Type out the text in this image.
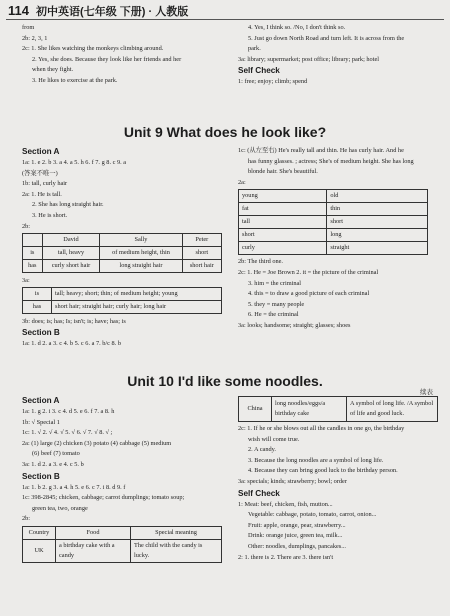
114 初中英语(七年级 下册) · 人教版
from
2b: 2, 3, 1
2c: 1. She likes watching the monkeys climbing around.
2. Yes, she does. Because they look like her friends and her
when they fight.
3. He likes to exercise at the park.
4. Yes, I think so. /No, I don't think so.
5. Just go down North Road and turn left. It is across from the
park.
3a: library; supermarket; post office; library; park; hotel
Self Check
1: free; enjoy; climb; spend
Unit 9 What does he look like?
Section A
1a: 1. e 2. b 3. a 4. a 5. h 6. f 7. g 8. c 9. a
(答案不唯一)
1b: tall, curly hair
2a: 1. He is tall.
2. She has long straight hair.
3. He is short.
2b:
	David	Sally	Peter
is	tall, heavy	of medium height, thin	short
has	curly short hair	long straight hair	short hair
3a:
is	tall; heavy; short; thin; of medium height; young
has	short hair; straight hair; curly hair; long hair
3b: does; is; has; Is; isn't; is; have; has; is
Section B
1a: 1. d 2. a 3. c 4. b 5. c 6. a 7. b/c 8. b
1c: (从左至右) He's really tall and thin. He has curly hair. And he
has funny glasses. ; actress; She's of medium height. She has long
blonde hair. She's beautiful.
2a:
young	old
fat	thin
tall	short
short	long
curly	straight
2b: The third one.
2c: 1. He = Joe Brown 2. it = the picture of the criminal
3. him = the criminal
4. this = to draw a good picture of each criminal
5. they = many people
6. He = the criminal
3a: looks; handsome; straight; glasses; shoes
Unit 10 I'd like some noodles.
Section A
1a: 1. g 2. i 3. c 4. d 5. e 6. f 7. a 8. h
1b: √ Special 1
1c: 1. √ 2. √ 4. √ 5. √ 6. √ 7. √ 8. √ ;
2a: (1) large (2) chicken (3) potato (4) cabbage (5) medium
(6) beef (7) tomato
3a: 1. d 2. a 3. e 4. c 5. b
Section B
1a: 1. b 2. g 3. a 4. h 5. e 6. c 7. i 8. d 9. f
1c: 398-2845; chicken, cabbage; carrot dumplings; tomato soup;
green tea, two, orange
2b:
Country	Food	Special meaning
UK	a birthday cake with a candy	The child with the candy is lucky.
续表
China	long noodles/eggs/a birthday cake	A symbol of long life. /A symbol of life and good luck.
2c: 1. If he or she blows out all the candles in one go, the birthday
wish will come true.
2. A candy.
3. Because the long noodles are a symbol of long life.
4. Because they can bring good luck to the birthday person.
3a: specials; kinds; strawberry; bowl; order
Self Check
1: Meat: beef, chicken, fish, mutton...
Vegetable: cabbage, potato, tomato, carrot, onion...
Fruit: apple, orange, pear, strawberry...
Drink: orange juice, green tea, milk...
Other: noodles, dumplings, pancakes...
2: 1. there is 2. There are 3. there isn't
